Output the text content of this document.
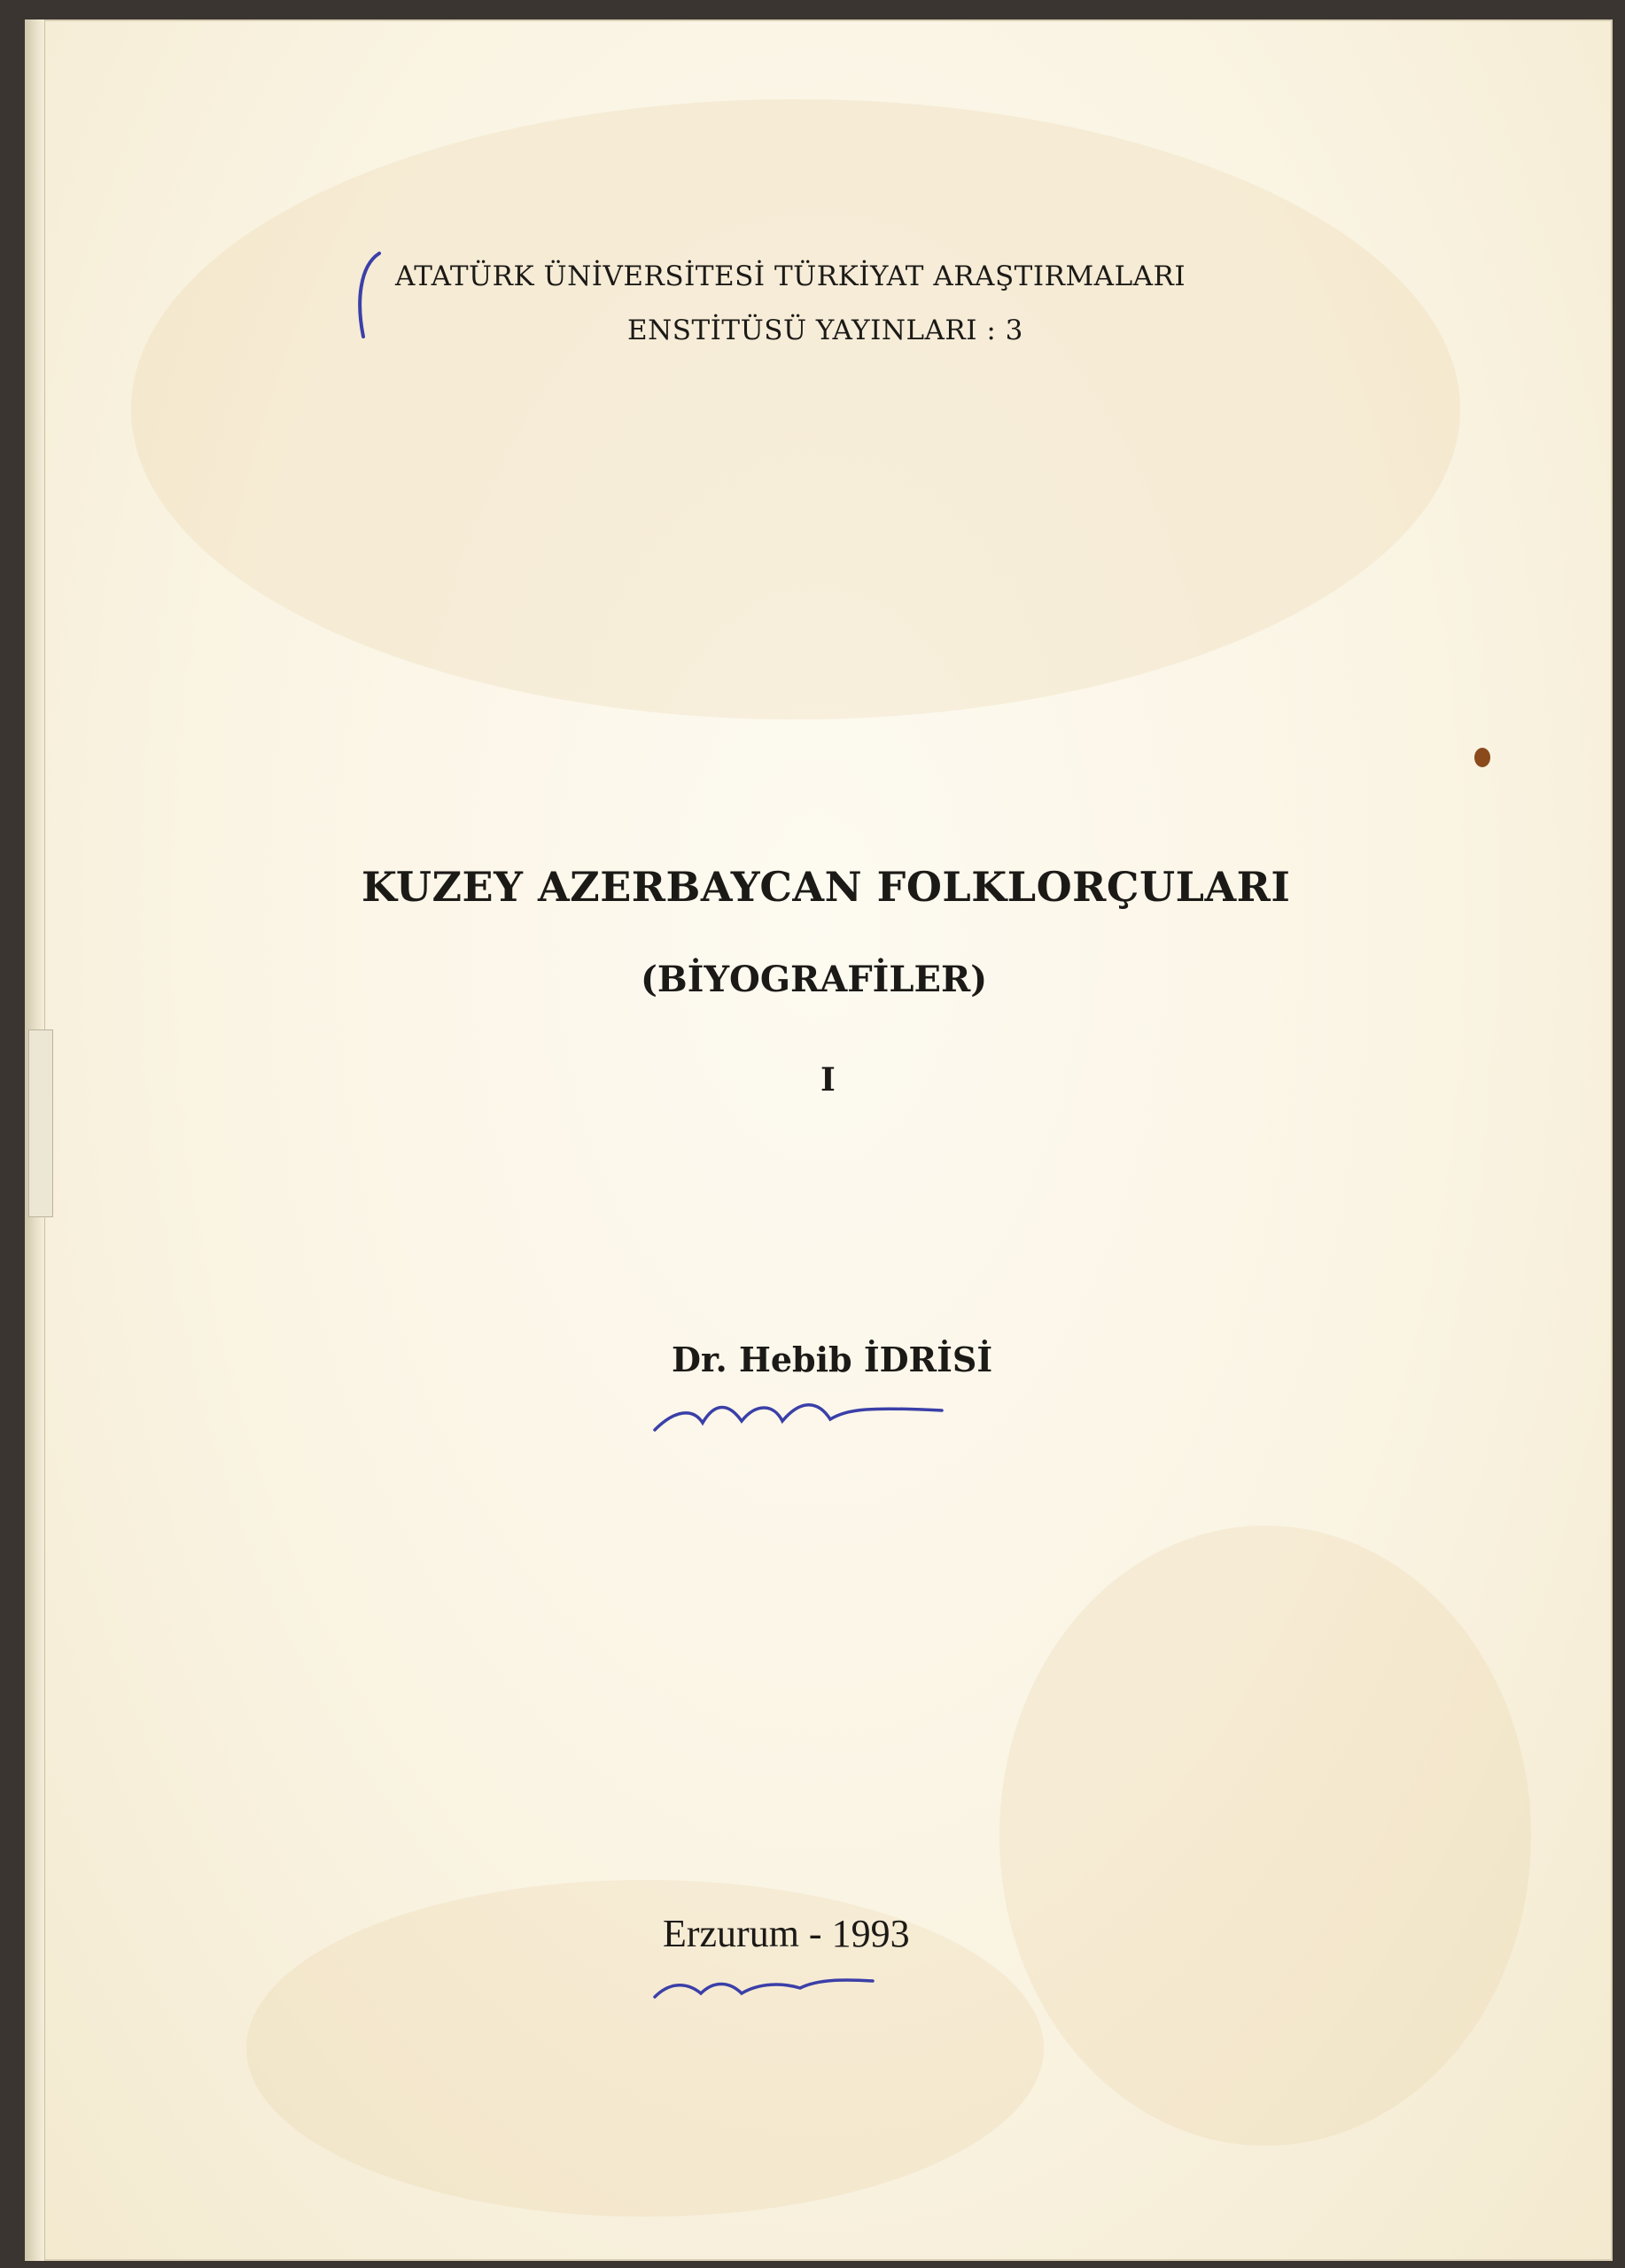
ATATÜRK ÜNİVERSİTESİ TÜRKİYAT ARAŞTIRMALARI
ENSTİTÜSÜ YAYINLARI : 3
KUZEY AZERBAYCAN FOLKLORÇULARI
(BİYOGRAFİLER)
I
Dr. Hebib İDRİSİ
Erzurum - 1993
